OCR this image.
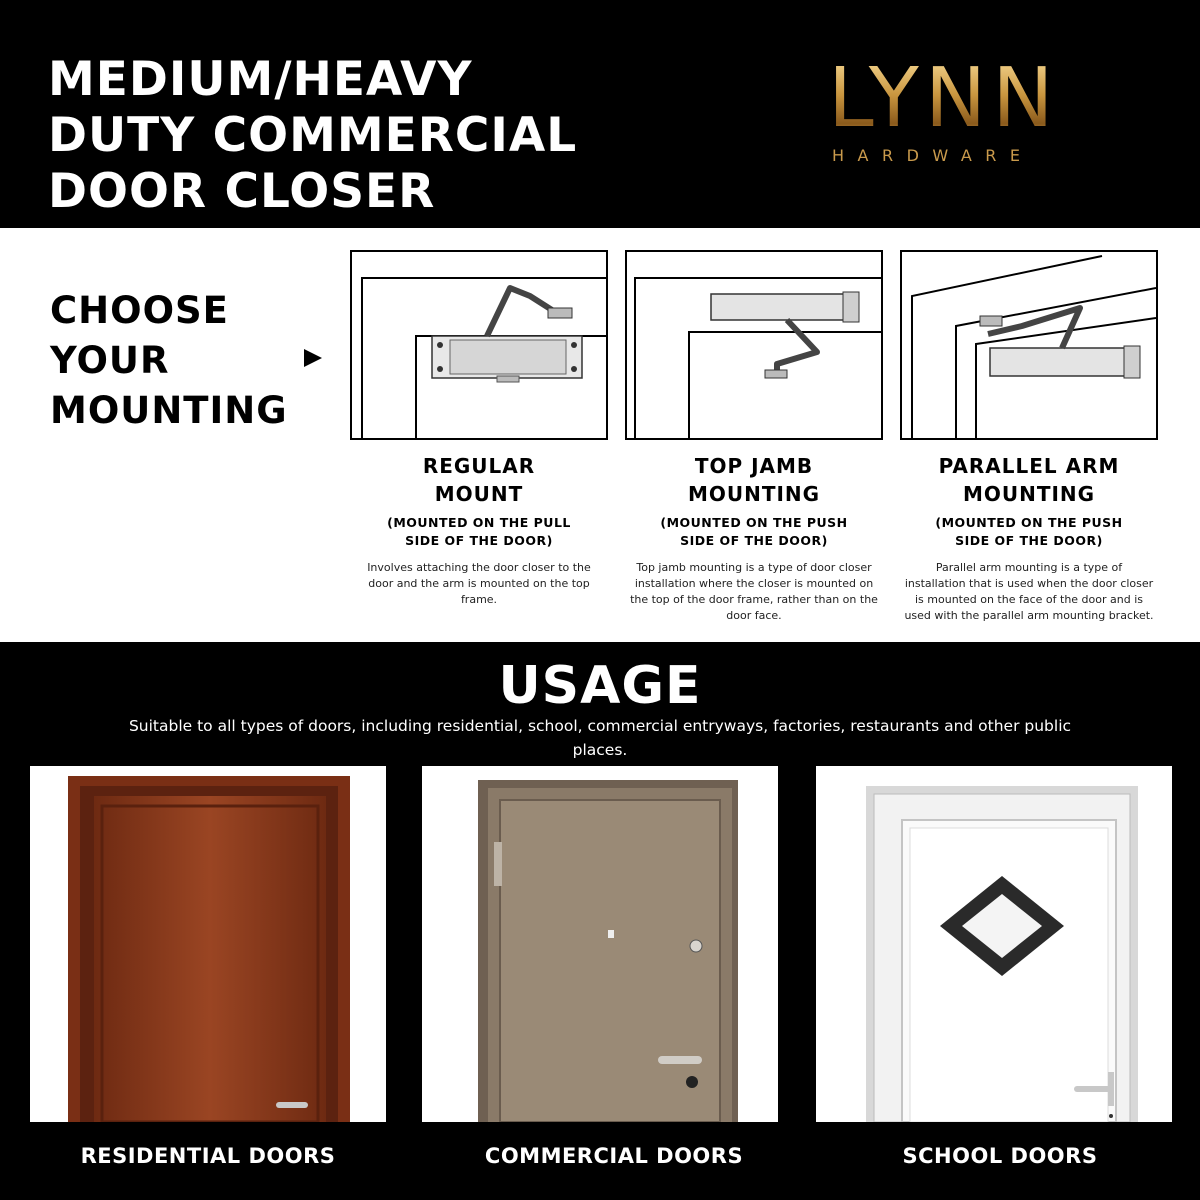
MEDIUM/HEAVY
DUTY COMMERCIAL
DOOR CLOSER
LYNN
HARDWARE
CHOOSE
YOUR
MOUNTING
REGULAR
MOUNT
(MOUNTED ON THE PULL
SIDE OF THE DOOR)
Involves attaching the door closer to the door and the arm is mounted on the top frame.
TOP JAMB
MOUNTING
(MOUNTED ON THE PUSH
SIDE OF THE DOOR)
Top jamb mounting is a type of door closer installation where the closer is mounted on the top of the door frame, rather than on the door face.
PARALLEL ARM
MOUNTING
(MOUNTED ON THE PUSH
SIDE OF THE DOOR)
Parallel arm mounting is a type of installation that is used when the door closer is mounted on the face of the door and is used with the parallel arm mounting bracket.
USAGE
Suitable to all types of doors, including residential, school, commercial entryways, factories, restaurants and other public places.
RESIDENTIAL DOORS	COMMERCIAL DOORS	SCHOOL DOORS
